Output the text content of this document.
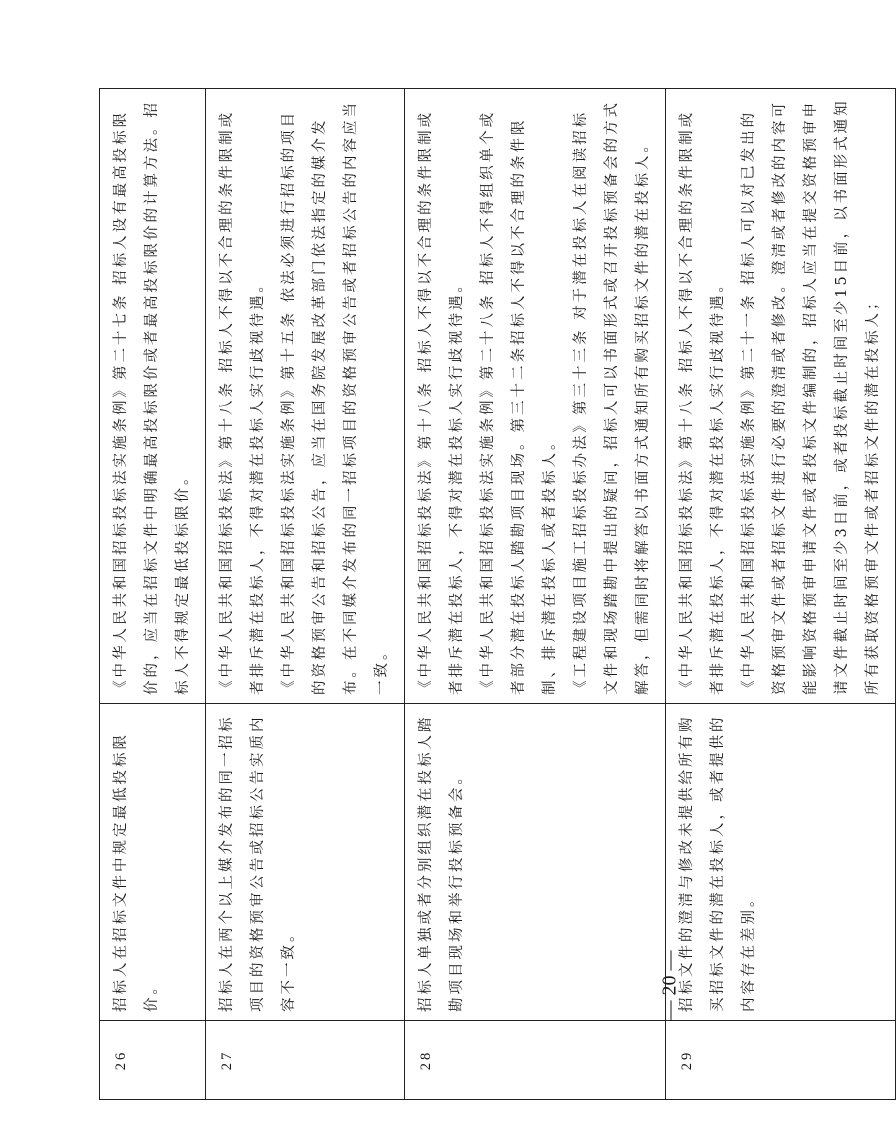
26	招标人在招标文件中规定最低投标限价。	《中华人民共和国招标投标法实施条例》第二十七条 招标人设有最高投标限价的，应当在招标文件中明确最高投标限价或者最高投标限价的计算方法。招标人不得规定最低投标限价。

27	招标人在两个以上媒介发布的同一招标项目的资格预审公告或招标公告实质内容不一致。	《中华人民共和国招标投标法》第十八条 招标人不得以不合理的条件限制或者排斥潜在投标人，不得对潜在投标人实行歧视待遇。 《中华人民共和国招标投标法实施条例》第十五条 依法必须进行招标的项目的资格预审公告和招标公告，应当在国务院发展改革部门依法指定的媒介发布。在不同媒介发布的同一招标项目的资格预审公告或者招标公告的内容应当一致。

28	招标人单独或者分别组织潜在投标人踏勘项目现场和举行投标预备会。	《中华人民共和国招标投标法》第十八条 招标人不得以不合理的条件限制或者排斥潜在投标人，不得对潜在投标人实行歧视待遇。 《中华人民共和国招标投标法实施条例》第二十八条 招标人不得组织单个或者部分潜在投标人踏勘项目现场。第三十二条招标人不得以不合理的条件限制、排斥潜在投标人或者投标人。 《工程建设项目施工招标投标办法》第三十三条 对于潜在投标人在阅读招标文件和现场踏勘中提出的疑问，招标人可以书面形式或召开投标预备会的方式解答，但需同时将解答以书面方式通知所有购买招标文件的潜在投标人。

29	招标文件的澄清与修改未提供给所有购买招标文件的潜在投标人，或者提供的内容存在差别。	《中华人民共和国招标投标法》第十八条 招标人不得以不合理的条件限制或者排斥潜在投标人，不得对潜在投标人实行歧视待遇。 《中华人民共和国招标投标法实施条例》第二十一条 招标人可以对已发出的资格预审文件或者招标文件进行必要的澄清或者修改。澄清或者修改的内容可能影响资格预审申请文件或者投标文件编制的，招标人应当在提交资格预审申请文件截止时间至少3日前，或者投标截止时间至少15日前，以书面形式通知所有获取资格预审文件或者招标文件的潜在投标人；

— 20 —
